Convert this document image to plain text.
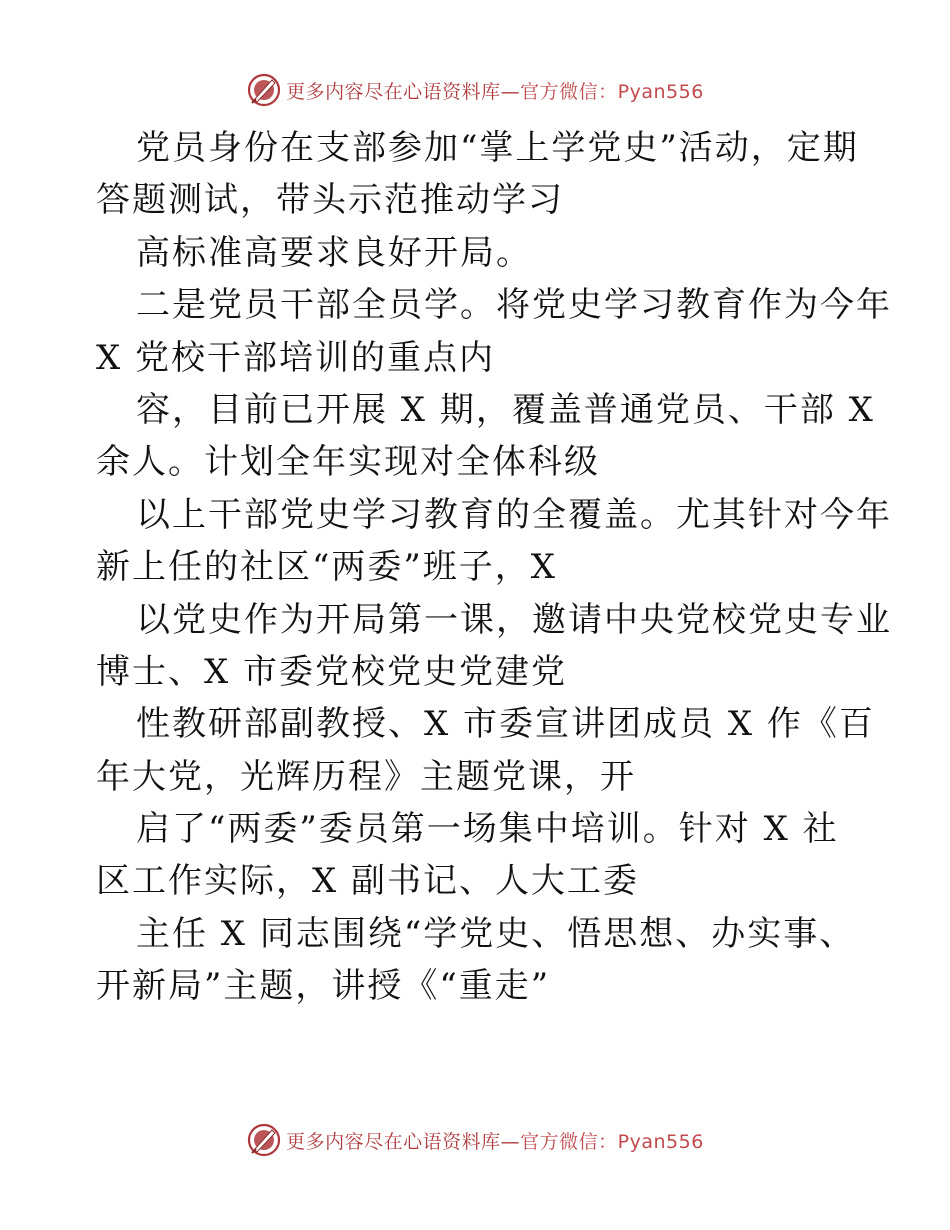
更多内容尽在心语资料库—官方微信：Pyan556
党员身份在支部参加“掌上学党史”活动，定期
答题测试，带头示范推动学习
高标准高要求良好开局。
二是党员干部全员学。将党史学习教育作为今年
X 党校干部培训的重点内
容，目前已开展 X 期，覆盖普通党员、干部 X
余人。计划全年实现对全体科级
以上干部党史学习教育的全覆盖。尤其针对今年
新上任的社区“两委”班子，X
以党史作为开局第一课，邀请中央党校党史专业
博士、X 市委党校党史党建党
性教研部副教授、X 市委宣讲团成员 X 作《百
年大党，光辉历程》主题党课，开
启了“两委”委员第一场集中培训。针对 X 社
区工作实际，X 副书记、人大工委
主任 X 同志围绕“学党史、悟思想、办实事、
开新局”主题，讲授《“重走”
更多内容尽在心语资料库—官方微信：Pyan556
